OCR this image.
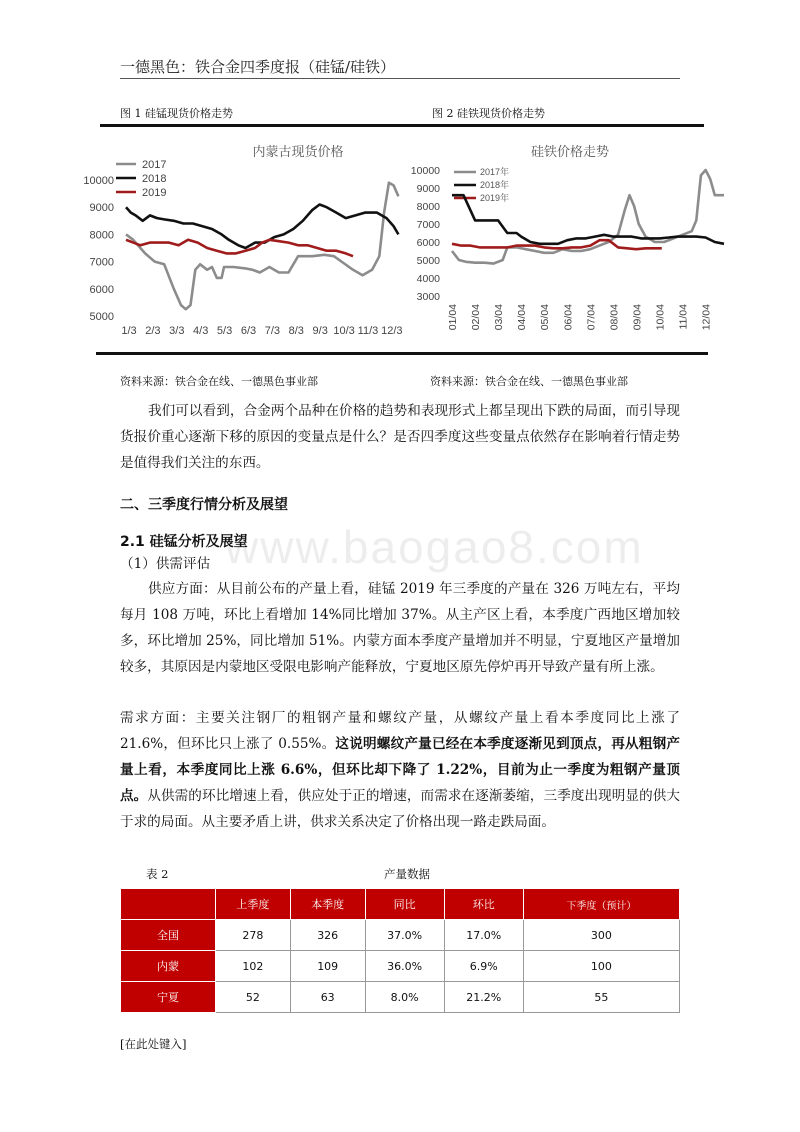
一德黑色：铁合金四季度报（硅锰/硅铁）
图 1 硅锰现货价格走势	图 2 硅铁现货价格走势
内蒙古现货价格
2017
2018
2019
5000
6000
7000
8000
9000
10000
1/3 2/3 3/3 4/3 5/3 6/3 7/3 8/3 9/3 10/3 11/3 12/3
硅铁价格走势
2017年
2018年
2019年
3000
4000
5000
6000
7000
8000
9000
10000
01/04 02/04 03/04 04/04 05/04 06/04 07/04 08/04 09/04 10/04 11/04 12/04
资料来源：铁合金在线、一德黑色事业部	资料来源：铁合金在线、一德黑色事业部

我们可以看到，合金两个品种在价格的趋势和表现形式上都呈现出下跌的局面，而引导现货报价重心逐渐下移的原因的变量点是什么？是否四季度这些变量点依然存在影响着行情走势是值得我们关注的东西。

二、三季度行情分析及展望
2.1 硅锰分析及展望
（1）供需评估

供应方面：从目前公布的产量上看，硅锰 2019 年三季度的产量在 326 万吨左右，平均每月 108 万吨，环比上看增加 14%同比增加 37%。从主产区上看，本季度广西地区增加较多，环比增加 25%，同比增加 51%。内蒙方面本季度产量增加并不明显，宁夏地区产量增加较多，其原因是内蒙地区受限电影响产能释放，宁夏地区原先停炉再开导致产量有所上涨。

需求方面：主要关注钢厂的粗钢产量和螺纹产量，从螺纹产量上看本季度同比上涨了 21.6%，但环比只上涨了 0.55%。这说明螺纹产量已经在本季度逐渐见到顶点，再从粗钢产量上看，本季度同比上涨 6.6%，但环比却下降了 1.22%，目前为止一季度为粗钢产量顶点。从供需的环比增速上看，供应处于正的增速，而需求在逐渐萎缩，三季度出现明显的供大于求的局面。从主要矛盾上讲，供求关系决定了价格出现一路走跌局面。

表 2	产量数据
	上季度	本季度	同比	环比	下季度（预计）
全国	278	326	37.0%	17.0%	300
内蒙	102	109	36.0%	6.9%	100
宁夏	52	63	8.0%	21.2%	55
[在此处键入]
www.baogao8.com
